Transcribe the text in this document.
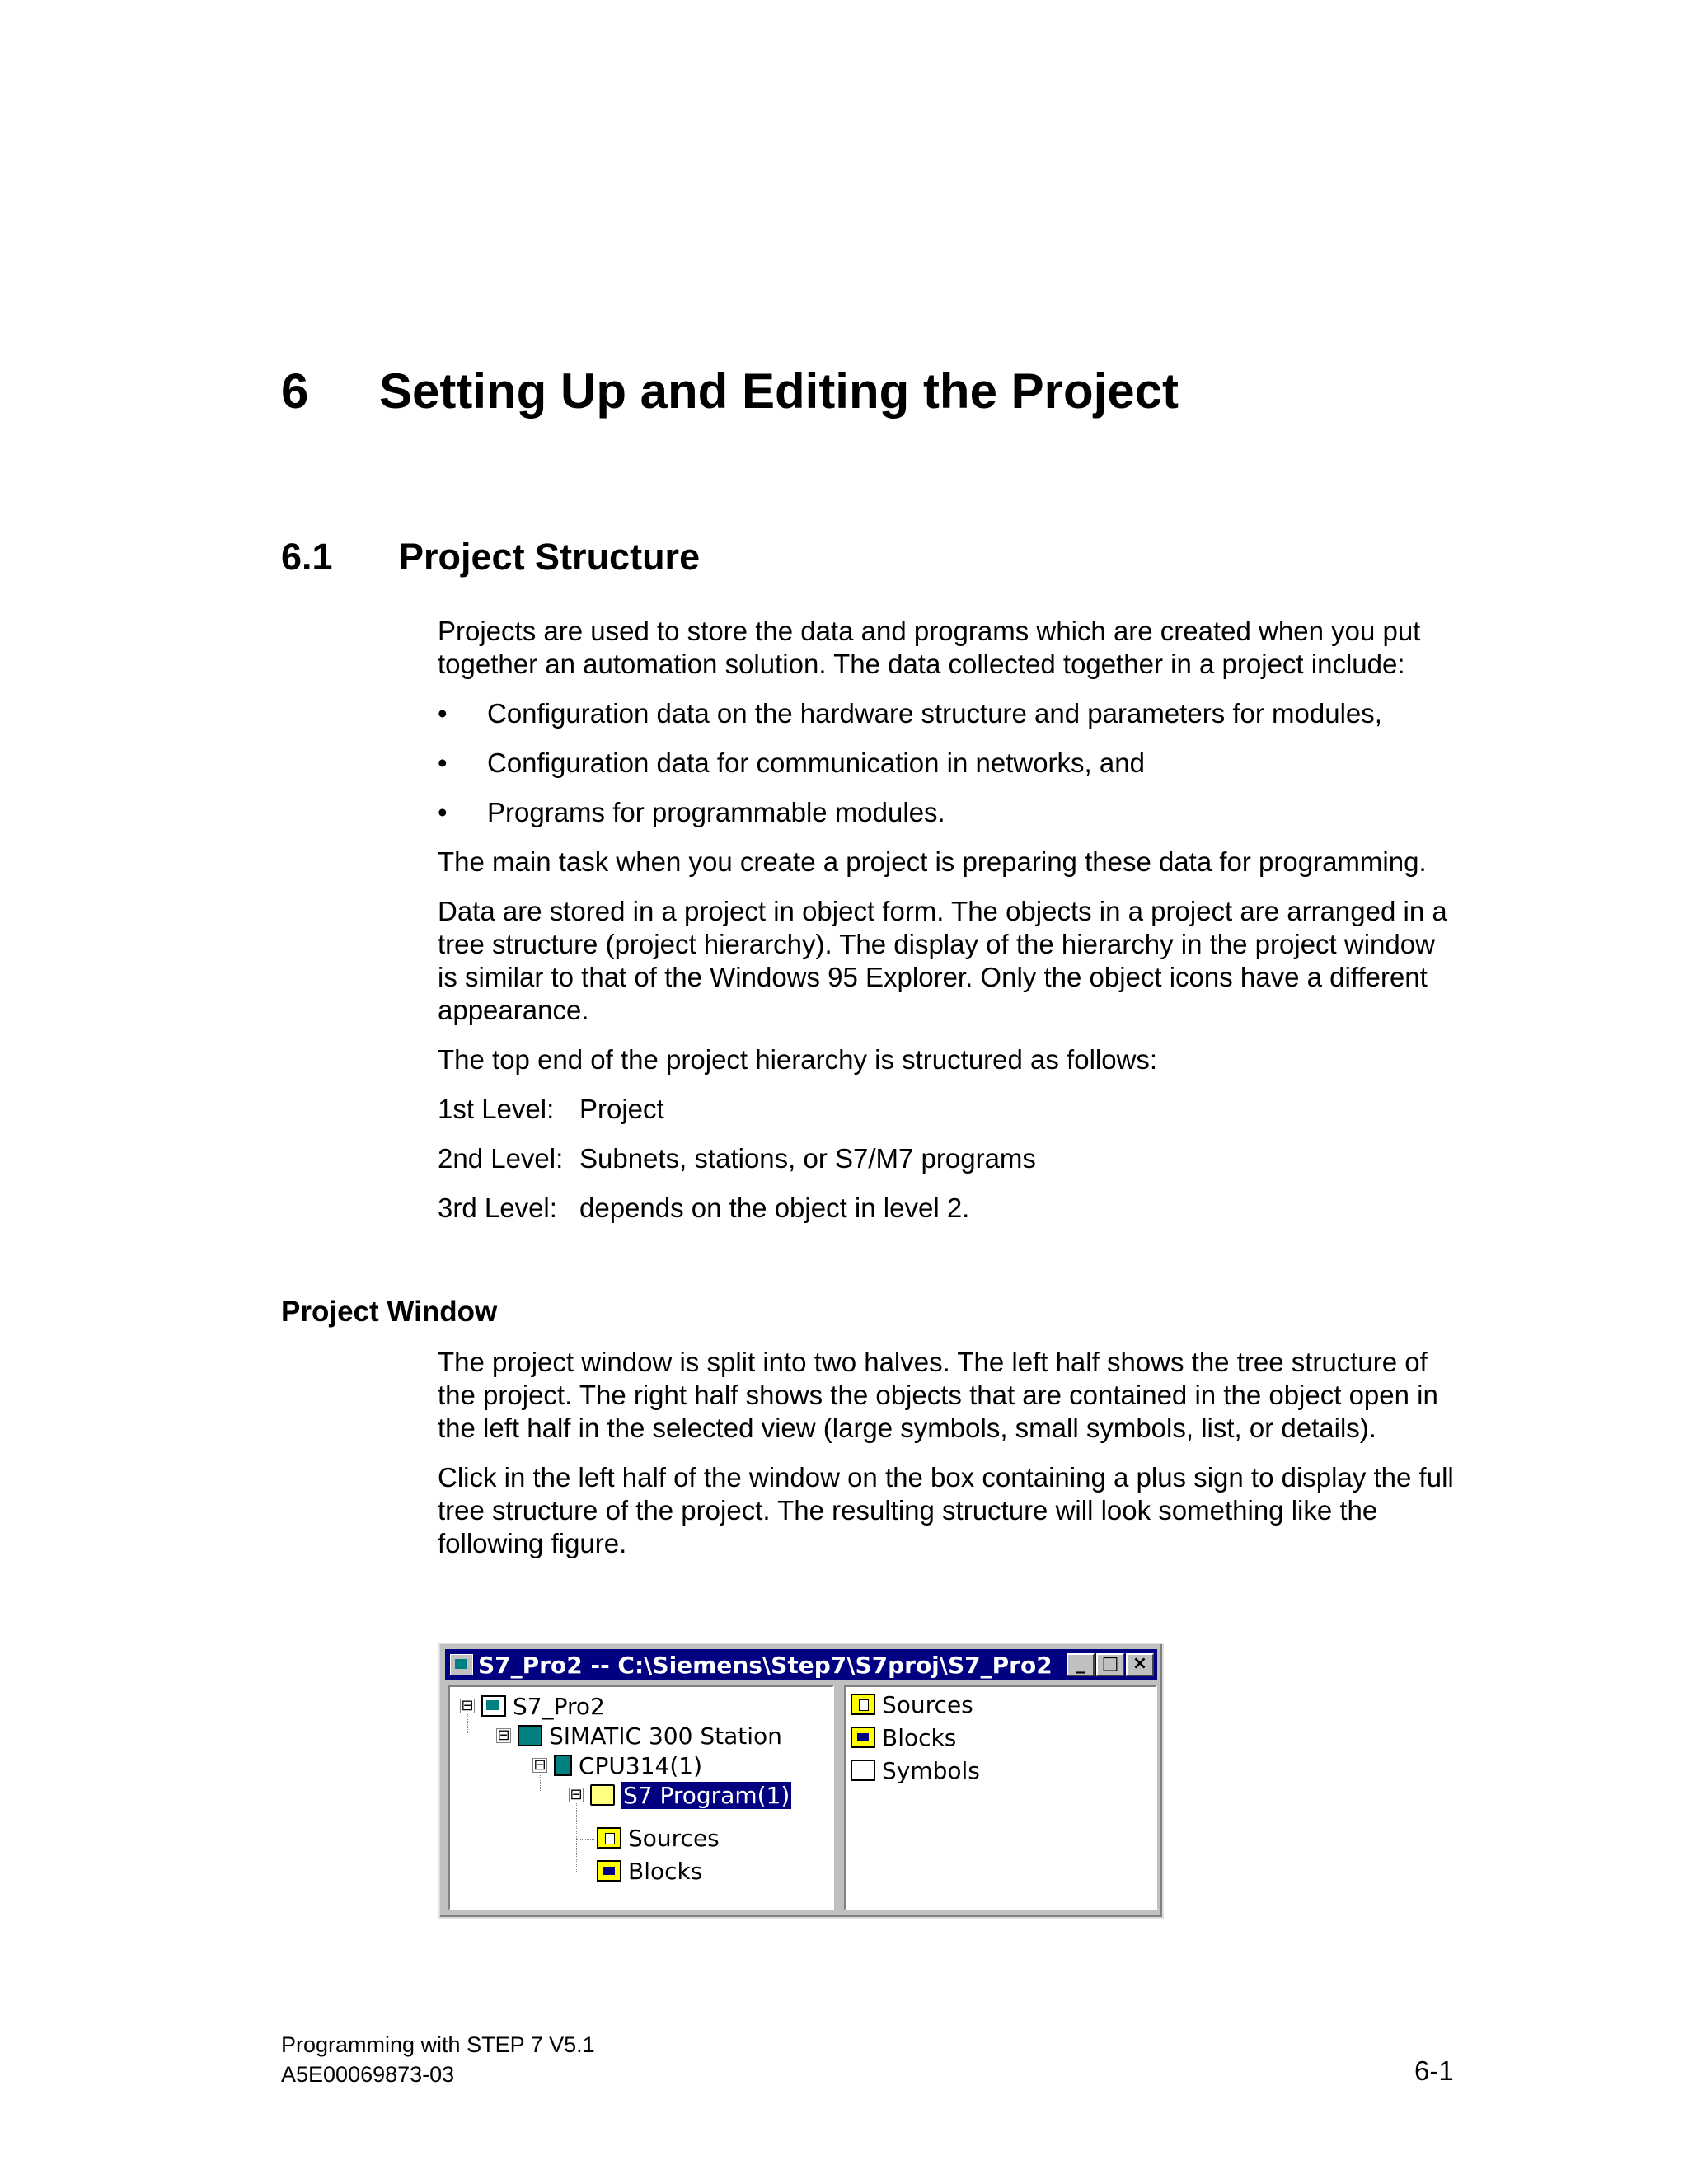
6 Setting Up and Editing the Project
6.1 Project Structure

Projects are used to store the data and programs which are created when you put together an automation solution. The data collected together in a project include:

• Configuration data on the hardware structure and parameters for modules,
• Configuration data for communication in networks, and
• Programs for programmable modules.

The main task when you create a project is preparing these data for programming.

Data are stored in a project in object form. The objects in a project are arranged in a tree structure (project hierarchy). The display of the hierarchy in the project window is similar to that of the Windows 95 Explorer. Only the object icons have a different appearance.

The top end of the project hierarchy is structured as follows:

1st Level: Project
2nd Level: Subnets, stations, or S7/M7 programs
3rd Level: depends on the object in level 2.
Project Window

The project window is split into two halves. The left half shows the tree structure of the project. The right half shows the objects that are contained in the object open in the left half in the selected view (large symbols, small symbols, list, or details).

Click in the left half of the window on the box containing a plus sign to display the full tree structure of the project. The resulting structure will look something like the following figure.

S7_Pro2 -- C:\Siemens\Step7\S7proj\S7_Pro2	_ □ ×
⊟ S7_Pro2
⊟ SIMATIC 300 Station
⊟ CPU314(1)
⊟ S7 Program(1)
Sources
Blocks
Sources
Blocks
Symbols
Programming with STEP 7 V5.1
A5E00069873-03	6-1
